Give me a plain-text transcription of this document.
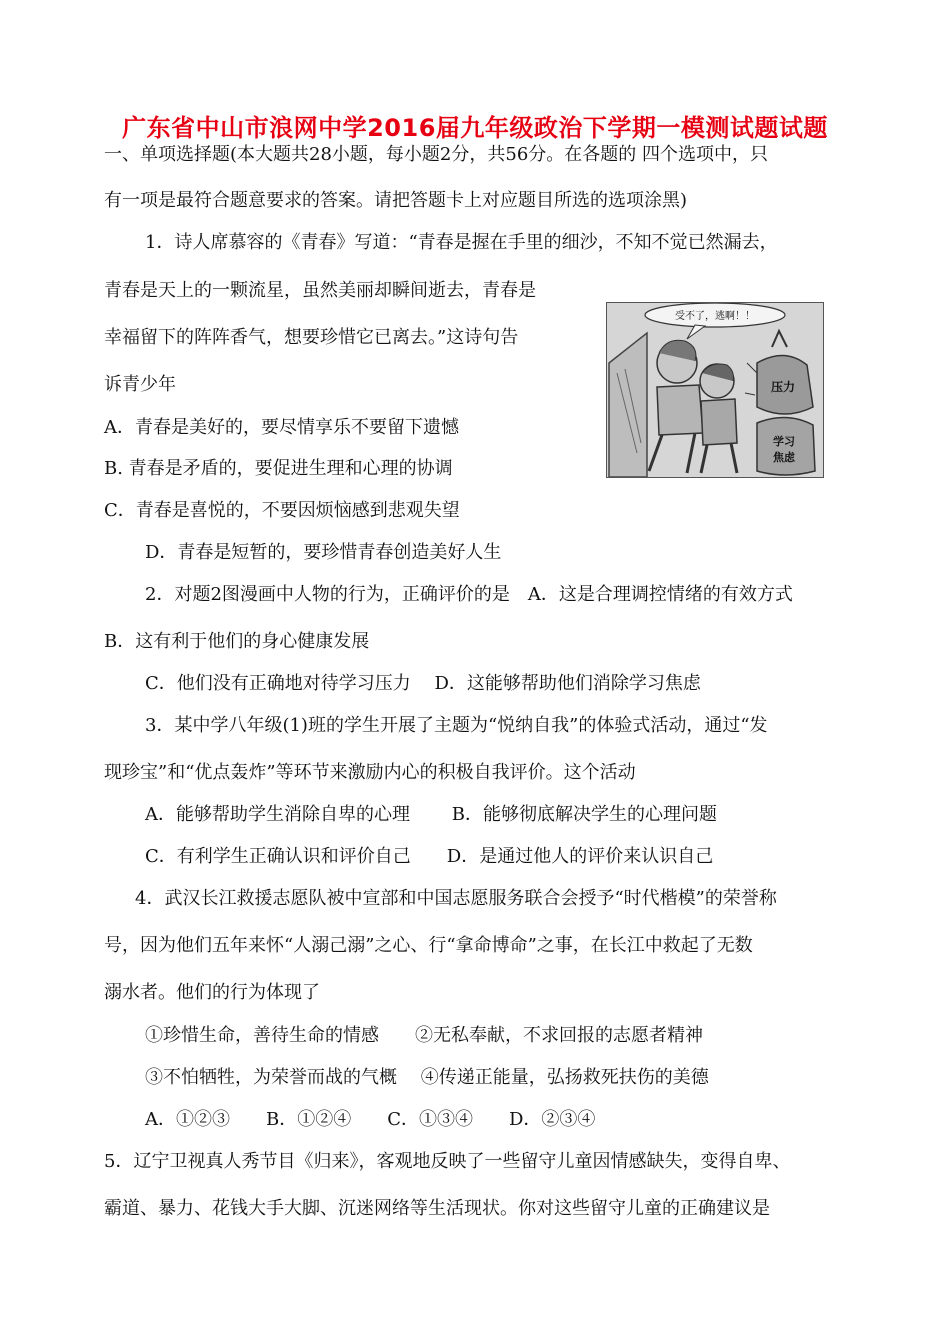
广东省中山市浪网中学2016届九年级政治下学期一模测试题试题
一、单项选择题(本大题共28小题，每小题2分，共56分。在各题的 四个选项中，只
有一项是最符合题意要求的答案。请把答题卡上对应题目所选的选项涂黑)
1．诗人席慕容的《青春》写道：“青春是握在手里的细沙，不知不觉已然漏去，
青春是天上的一颗流星，虽然美丽却瞬间逝去，青春是
幸福留下的阵阵香气，想要珍惜它已离去。”这诗句告
诉青少年
A．青春是美好的，要尽情享乐不要留下遗憾
B. 青春是矛盾的，要促进生理和心理的协调
C．青春是喜悦的，不要因烦恼感到悲观失望
D．青春是短暂的，要珍惜青春创造美好人生
2．对题2图漫画中人物的行为，正确评价的是　A．这是合理调控情绪的有效方式
B．这有利于他们的身心健康发展
C．他们没有正确地对待学习压力　 D．这能够帮助他们消除学习焦虑
3．某中学八年级(1)班的学生开展了主题为“悦纳自我”的体验式活动，通过“发
现珍宝”和“优点轰炸”等环节来激励内心的积极自我评价。这个活动
A．能够帮助学生消除自卑的心理　　 B．能够彻底解决学生的心理问题
C．有利学生正确认识和评价自己　　D．是通过他人的评价来认识自己
4．武汉长江救援志愿队被中宣部和中国志愿服务联合会授予“时代楷模”的荣誉称
号，因为他们五年来怀“人溺己溺”之心、行“拿命博命”之事，在长江中救起了无数
溺水者。他们的行为体现了
①珍惜生命，善待生命的情感　　②无私奉献，不求回报的志愿者精神
③不怕牺牲，为荣誉而战的气概　 ④传递正能量，弘扬救死扶伤的美德
A．①②③　　B．①②④　　C．①③④　　D．②③④
5．辽宁卫视真人秀节目《归来》，客观地反映了一些留守儿童因情感缺失，变得自卑、
霸道、暴力、花钱大手大脚、沉迷网络等生活现状。你对这些留守儿童的正确建议是
受不了，逃啊！！
压力
学习
焦虑
